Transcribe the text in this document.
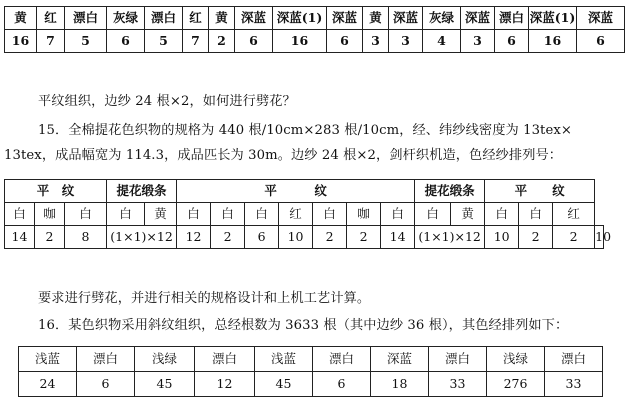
黄	红	漂白	灰绿	漂白	红	黄	深蓝	深蓝(1)	深蓝	黄	深蓝	灰绿	深蓝	漂白	深蓝(1)	深蓝
16	7	5	6	5	7	2	6	16	6	3	3	4	3	6	16	6
平纹组织，边纱 24 根×2，如何进行劈花？
15．全棉提花色织物的规格为 440 根/10cm×283 根/10cm，经、纬纱线密度为 13tex×
13tex，成品幅宽为 114.3，成品匹长为 30m。边纱 24 根×2，剑杆织机造，色经纱排列号：
平　纹			提花缎条		平　　　纹							提花缎条		平　　纹			
白	咖	白	白	黄	白	白	白	红	白	咖	白	白	黄	白	白	红	
14	2	8	(1×1)×12		12	2	6	10	2	2	14	(1×1)×12		10	2	2	10
要求进行劈花，并进行相关的规格设计和上机工艺计算。
16．某色织物采用斜纹组织，总经根数为 3633 根（其中边纱 36 根），其色经排列如下：
浅蓝	漂白	浅绿	漂白	浅蓝	漂白	深蓝	漂白	浅绿	漂白
24	6	45	12	45	6	18	33	276	33
